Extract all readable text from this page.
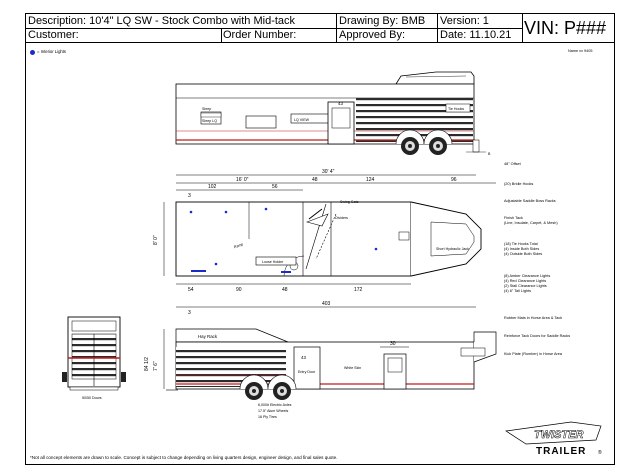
Description: 10'4" LQ SW - Stock Combo with Mid-tack
Customer:	Order Number:
Drawing By: BMB
Approved By:
Version: 1
Date: 11.10.21 VIN: P###
= Interior Lights	Name xx 9405
Sleep
Sleep LQ	LQ VIEW
43
Tie Hooks
B
30' 4"
16' 0"	48	124	96
102	56
3
8' 0"
Loose Holder
Ramp
Dividers
Swing Gate
Short Hydraulic Jack
54	90	48	172
50/50 Doors
403
3
7' 6"
84 1/2
Hay Rack
43
Entry Door
30
White Skin
6,000# Electric Axles
17.5" Alum Wheels
16 Ply Tires
TWISTER
TRAILER ®
48" Offset
(20) Bridle Hooks
Adjustable Saddle Boss Racks
Finish Tack
(Line, Insulate, Carpet, & Mesh)
(18) Tie Hooks Total
(4) Inside Both Sides
(4) Outside Both Sides
(8) Amber Clearance Lights
(4) Red Clearance Lights
(2) Stall Clearance Lights
(4) 6" Tail Lights
Rubber Mats in Horse Area & Tack
Reinforce Tack Doors for Saddle Racks
Kick Plate (Rumber) in Horse Area
*Not all concept elements are drawn to scale. Concept is subject to change depending on living quarters design, engineer design, and final sales quote.
